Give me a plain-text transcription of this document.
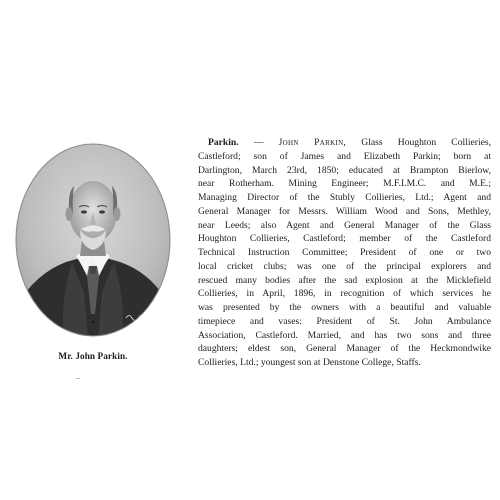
Mr. John Parkin.
Parkin. — John Parkin, Glass Houghton Collieries,
Castleford; son of James and Elizabeth Parkin; born at
Darlington, March 23rd, 1850; educated at Brampton Bierlow,
near Rotherham. Mining Engineer; M.F.I.M.C. and M.E.;
Managing Director of the Stubly Collieries, Ltd.; Agent and
General Manager for Messrs. William Wood and Sons, Methley,
near Leeds; also Agent and General Manager of the Glass
Houghton Collieries, Castleford; member of the Castleford
Technical Instruction Committee; President of one or two
local cricket clubs; was one of the principal explorers and
rescued many bodies after the sad explosion at the Micklefield
Collieries, in April, 1896, in recognition of which services he
was presented by the owners with a beautiful and valuable
timepiece and vases: President of St. John Ambulance
Association, Castleford. Married, and has two sons and three
daughters; eldest son, General Manager of the Heckmondwike
Collieries, Ltd.; youngest son at Denstone College, Staffs.
